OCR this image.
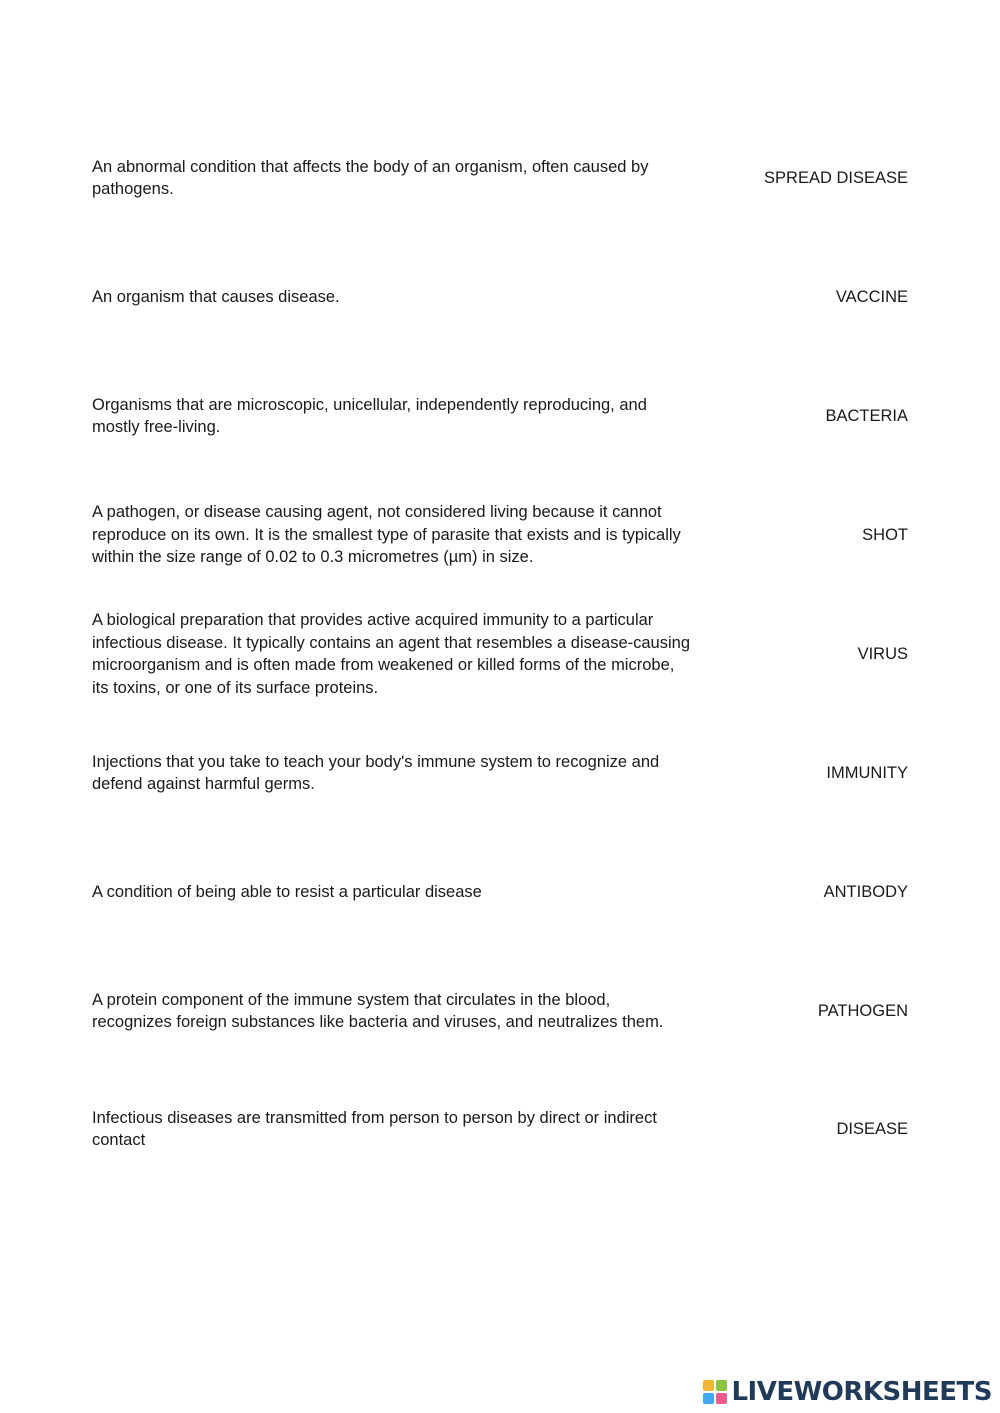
An abnormal condition that affects the body of an organism, often caused by pathogens.
SPREAD DISEASE
An organism that causes disease.	VACCINE
Organisms that are microscopic, unicellular, independently reproducing, and mostly free-living.
BACTERIA
A pathogen, or disease causing agent, not considered living because it cannot reproduce on its own. It is the smallest type of parasite that exists and is typically within the size range of 0.02 to 0.3 micrometres (µm) in size.
SHOT
A biological preparation that provides active acquired immunity to a particular infectious disease. It typically contains an agent that resembles a disease-causing microorganism and is often made from weakened or killed forms of the microbe, its toxins, or one of its surface proteins.
VIRUS
Injections that you take to teach your body's immune system to recognize and defend against harmful germs.
IMMUNITY
A condition of being able to resist a particular disease	ANTIBODY
A protein component of the immune system that circulates in the blood, recognizes foreign substances like bacteria and viruses, and neutralizes them.
PATHOGEN
Infectious diseases are transmitted from person to person by direct or indirect contact
DISEASE
LIVEWORKSHEETS
